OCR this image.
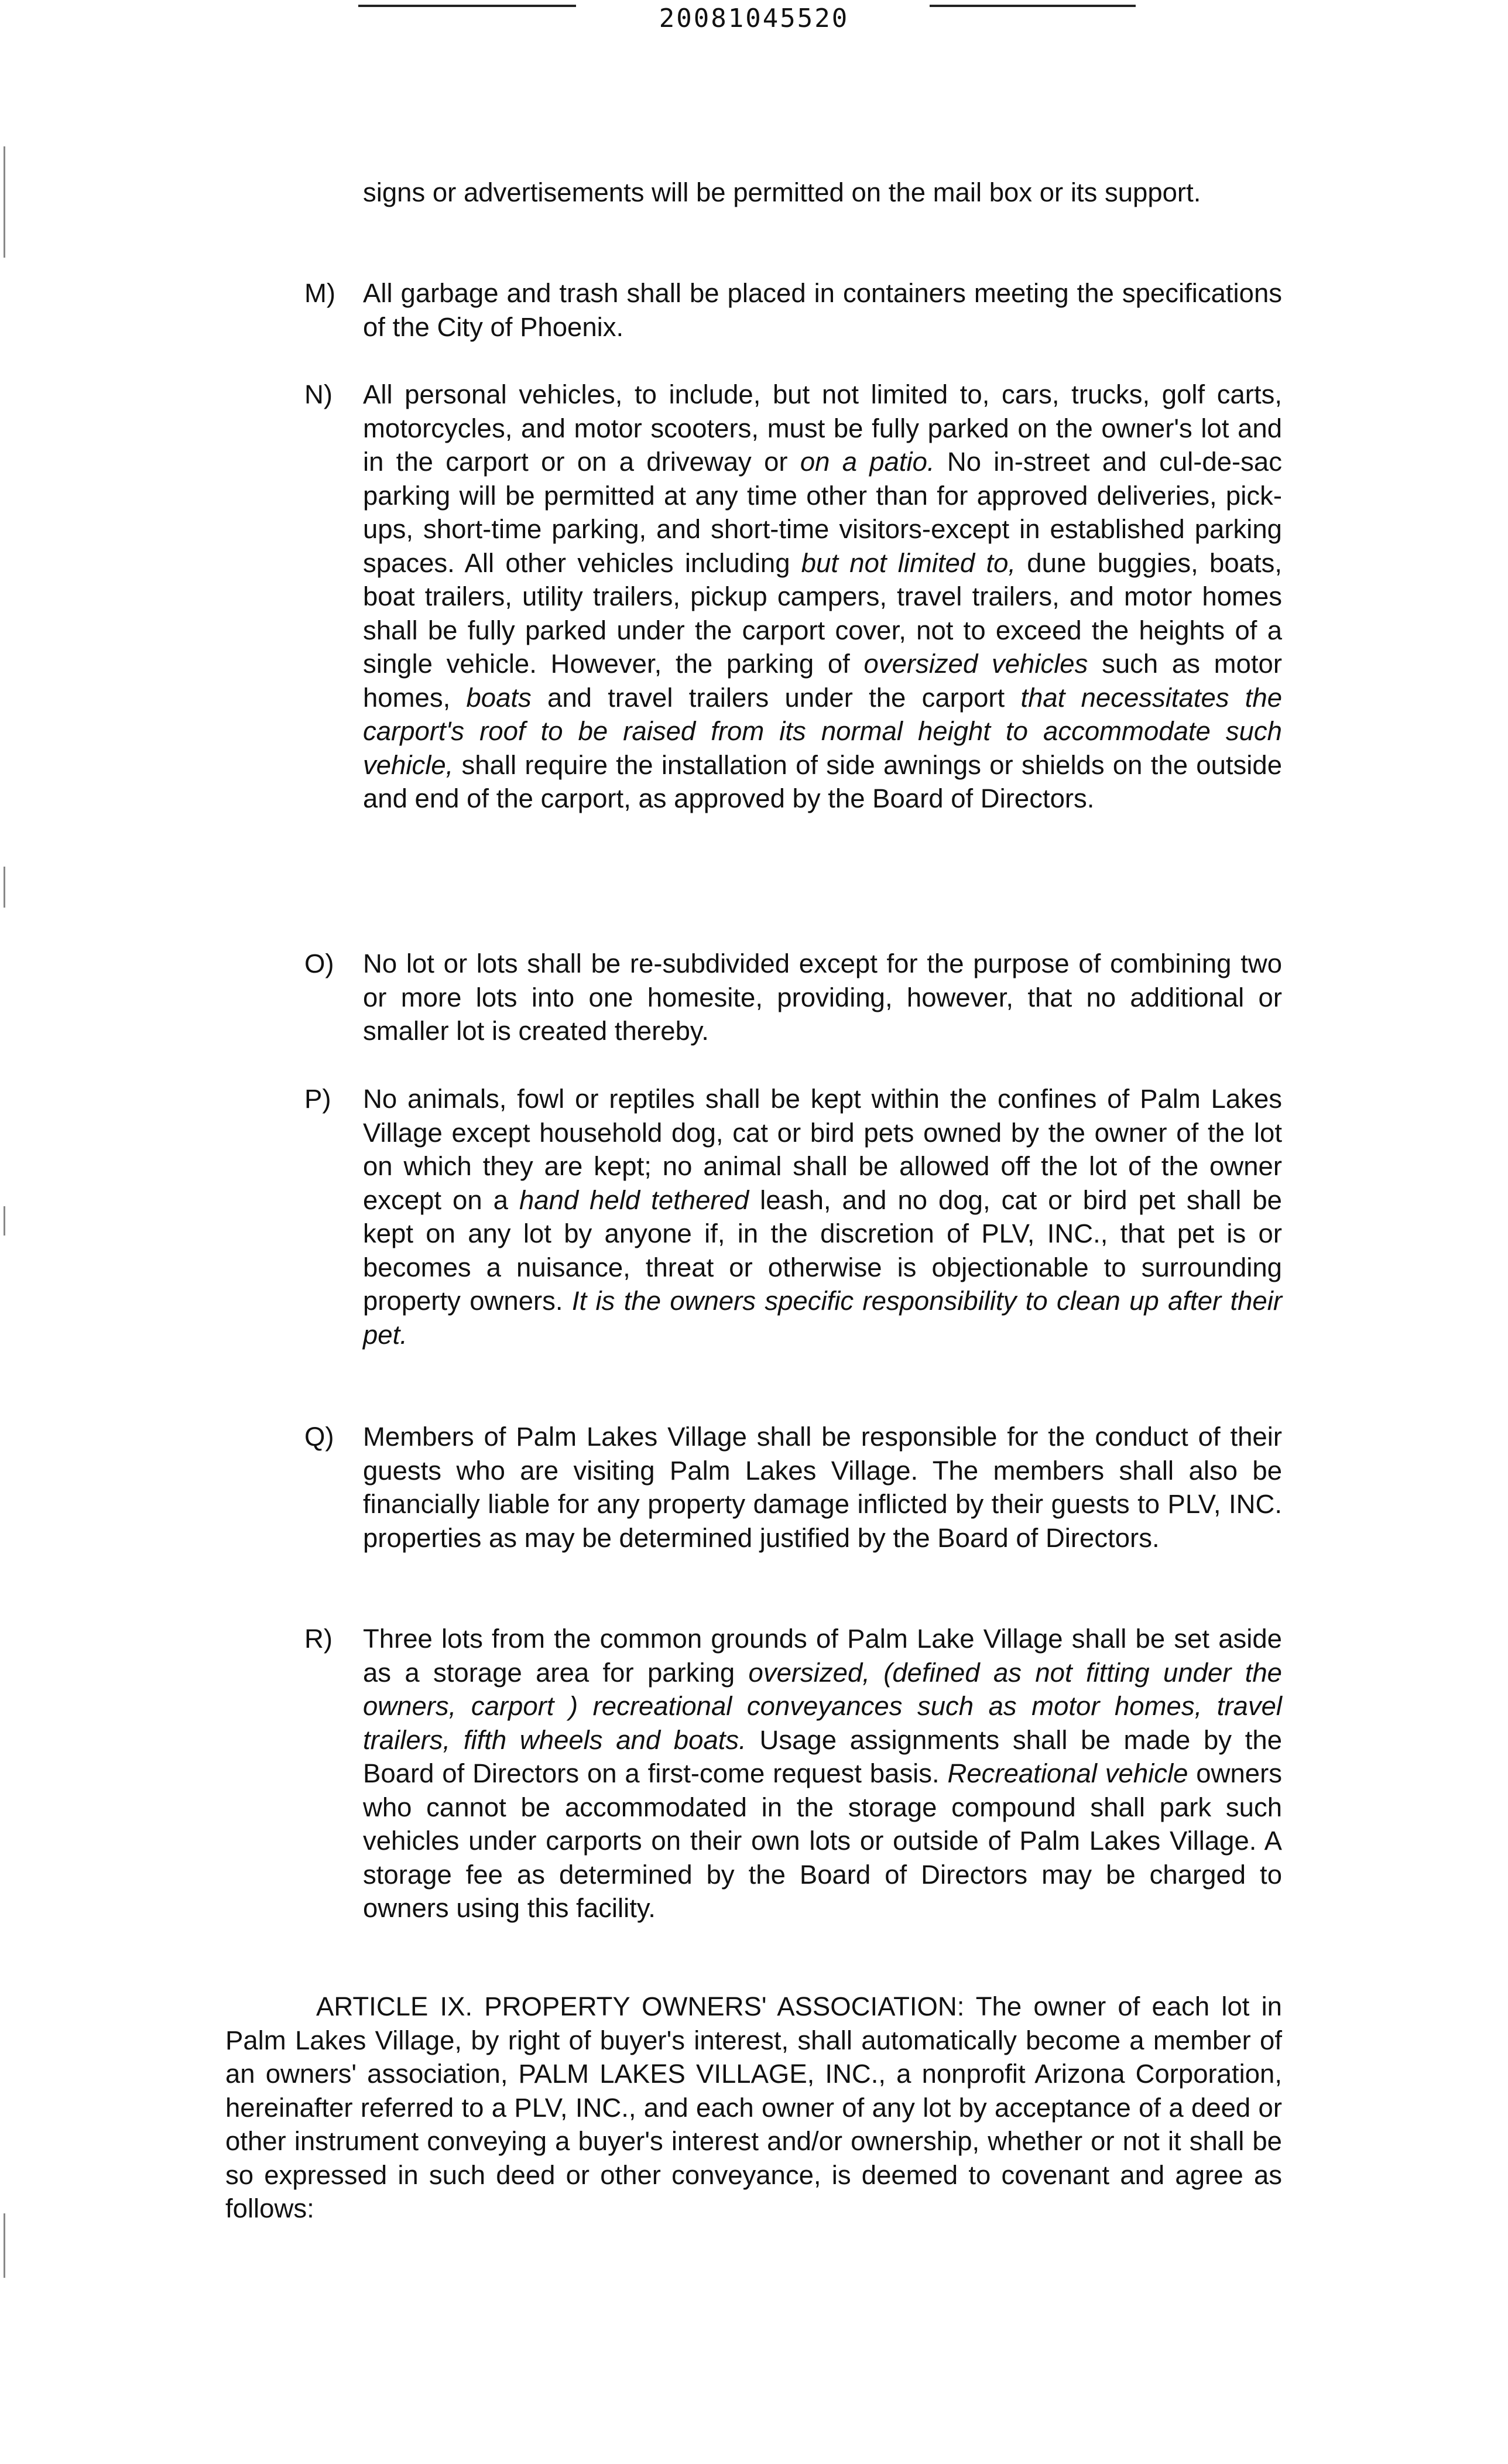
20081045520

signs or advertisements will be permitted on the mail box or its support.

M) All garbage and trash shall be placed in containers meeting the specifications of the City of Phoenix.

N) All personal vehicles, to include, but not limited to, cars, trucks, golf carts, motorcycles, and motor scooters, must be fully parked on the owner's lot and in the carport or on a driveway or on a patio. No in-street and cul-de-sac parking will be permitted at any time other than for approved deliveries, pick-ups, short-time parking, and short-time visitors-except in established parking spaces. All other vehicles including but not limited to, dune buggies, boats, boat trailers, utility trailers, pickup campers, travel trailers, and motor homes shall be fully parked under the carport cover, not to exceed the heights of a single vehicle. However, the parking of oversized vehicles such as motor homes, boats and travel trailers under the carport that necessitates the carport's roof to be raised from its normal height to accommodate such vehicle, shall require the installation of side awnings or shields on the outside and end of the carport, as approved by the Board of Directors.

O) No lot or lots shall be re-subdivided except for the purpose of combining two or more lots into one homesite, providing, however, that no additional or smaller lot is created thereby.

P) No animals, fowl or reptiles shall be kept within the confines of Palm Lakes Village except household dog, cat or bird pets owned by the owner of the lot on which they are kept; no animal shall be allowed off the lot of the owner except on a hand held tethered leash, and no dog, cat or bird pet shall be kept on any lot by anyone if, in the discretion of PLV, INC., that pet is or becomes a nuisance, threat or otherwise is objectionable to surrounding property owners. It is the owners specific responsibility to clean up after their pet.

Q) Members of Palm Lakes Village shall be responsible for the conduct of their guests who are visiting Palm Lakes Village. The members shall also be financially liable for any property damage inflicted by their guests to PLV, INC. properties as may be determined justified by the Board of Directors.

R) Three lots from the common grounds of Palm Lake Village shall be set aside as a storage area for parking oversized, (defined as not fitting under the owners, carport ) recreational conveyances such as motor homes, travel trailers, fifth wheels and boats. Usage assignments shall be made by the Board of Directors on a first-come request basis. Recreational vehicle owners who cannot be accommodated in the storage compound shall park such vehicles under carports on their own lots or outside of Palm Lakes Village. A storage fee as determined by the Board of Directors may be charged to owners using this facility.

ARTICLE IX. PROPERTY OWNERS' ASSOCIATION: The owner of each lot in Palm Lakes Village, by right of buyer's interest, shall automatically become a member of an owners' association, PALM LAKES VILLAGE, INC., a nonprofit Arizona Corporation, hereinafter referred to a PLV, INC., and each owner of any lot by acceptance of a deed or other instrument conveying a buyer's interest and/or ownership, whether or not it shall be so expressed in such deed or other conveyance, is deemed to covenant and agree as follows:
